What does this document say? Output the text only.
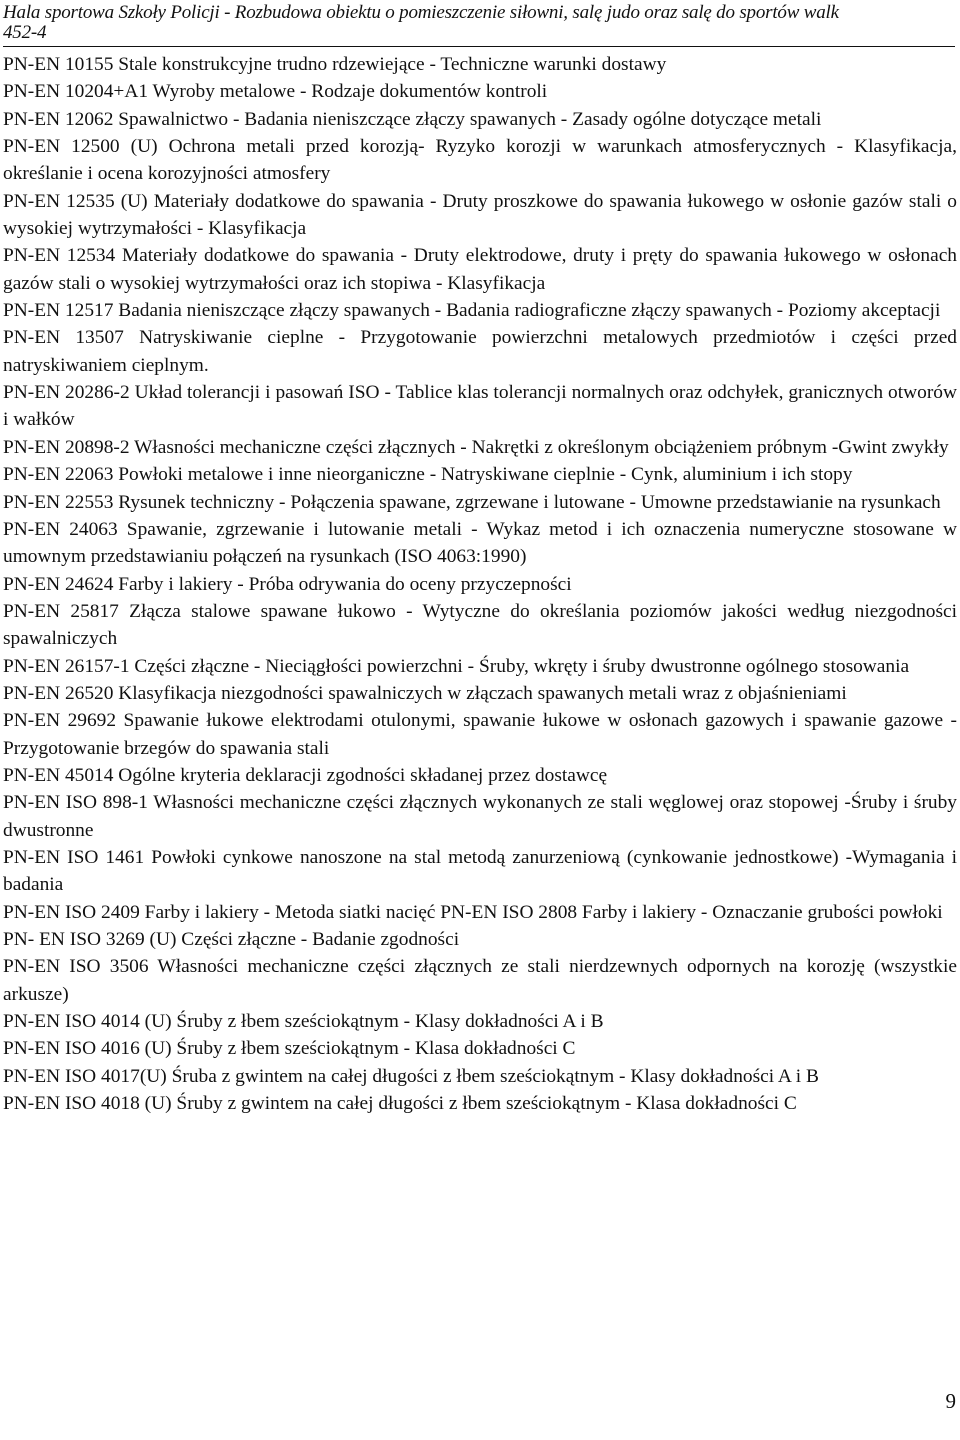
Hala sportowa Szkoły Policji - Rozbudowa obiektu o pomieszczenie siłowni, salę judo oraz salę do sportów walk
452-4
PN-EN 10155 Stale konstrukcyjne trudno rdzewiejące - Techniczne warunki dostawy
PN-EN 10204+A1 Wyroby metalowe - Rodzaje dokumentów kontroli
PN-EN 12062 Spawalnictwo - Badania nieniszczące złączy spawanych - Zasady ogólne dotyczące metali
PN-EN 12500 (U) Ochrona metali przed korozją- Ryzyko korozji w warunkach atmosferycznych - Klasyfikacja, określanie i ocena korozyjności atmosfery
PN-EN 12535 (U) Materiały dodatkowe do spawania - Druty proszkowe do spawania łukowego w osłonie gazów stali o wysokiej wytrzymałości - Klasyfikacja
PN-EN 12534 Materiały dodatkowe do spawania - Druty elektrodowe, druty i pręty do spawania łukowego w osłonach gazów stali o wysokiej wytrzymałości oraz ich stopiwa - Klasyfikacja
PN-EN 12517 Badania nieniszczące złączy spawanych - Badania radiograficzne złączy spawanych - Poziomy akceptacji
PN-EN 13507 Natryskiwanie cieplne - Przygotowanie powierzchni metalowych przedmiotów i części przed natryskiwaniem cieplnym.
PN-EN 20286-2 Układ tolerancji i pasowań ISO - Tablice klas tolerancji normalnych oraz odchyłek, granicznych otworów i wałków
PN-EN 20898-2 Własności mechaniczne części złącznych - Nakrętki z określonym obciążeniem próbnym -Gwint zwykły
PN-EN 22063 Powłoki metalowe i inne nieorganiczne - Natryskiwane cieplnie - Cynk, aluminium i ich stopy
PN-EN 22553 Rysunek techniczny - Połączenia spawane, zgrzewane i lutowane - Umowne przedstawianie na rysunkach
PN-EN 24063 Spawanie, zgrzewanie i lutowanie metali - Wykaz metod i ich oznaczenia numeryczne stosowane w umownym przedstawianiu połączeń na rysunkach (ISO 4063:1990)
PN-EN 24624 Farby i lakiery - Próba odrywania do oceny przyczepności
PN-EN 25817 Złącza stalowe spawane łukowo - Wytyczne do określania poziomów jakości według niezgodności spawalniczych
PN-EN 26157-1 Części złączne - Nieciągłości powierzchni - Śruby, wkręty i śruby dwustronne ogólnego stosowania
PN-EN 26520 Klasyfikacja niezgodności spawalniczych w złączach spawanych metali wraz z objaśnieniami
PN-EN 29692 Spawanie łukowe elektrodami otulonymi, spawanie łukowe w osłonach gazowych i spawanie gazowe - Przygotowanie brzegów do spawania stali
PN-EN 45014 Ogólne kryteria deklaracji zgodności składanej przez dostawcę
PN-EN ISO 898-1 Własności mechaniczne części złącznych wykonanych ze stali węglowej oraz stopowej -Śruby i śruby dwustronne
PN-EN ISO 1461 Powłoki cynkowe nanoszone na stal metodą zanurzeniową (cynkowanie jednostkowe) -Wymagania i badania
PN-EN ISO 2409 Farby i lakiery - Metoda siatki nacięć PN-EN ISO 2808 Farby i lakiery - Oznaczanie grubości powłoki
PN- EN ISO 3269 (U) Części złączne - Badanie zgodności
PN-EN ISO 3506 Własności mechaniczne części złącznych ze stali nierdzewnych odpornych na korozję (wszystkie arkusze)
PN-EN ISO 4014 (U) Śruby z łbem sześciokątnym - Klasy dokładności A i B
PN-EN ISO 4016 (U) Śruby z łbem sześciokątnym - Klasa dokładności C
PN-EN ISO 4017(U) Śruba z gwintem na całej długości z łbem sześciokątnym - Klasy dokładności A i B
PN-EN ISO 4018 (U) Śruby z gwintem na całej długości z łbem sześciokątnym - Klasa dokładności C
9
